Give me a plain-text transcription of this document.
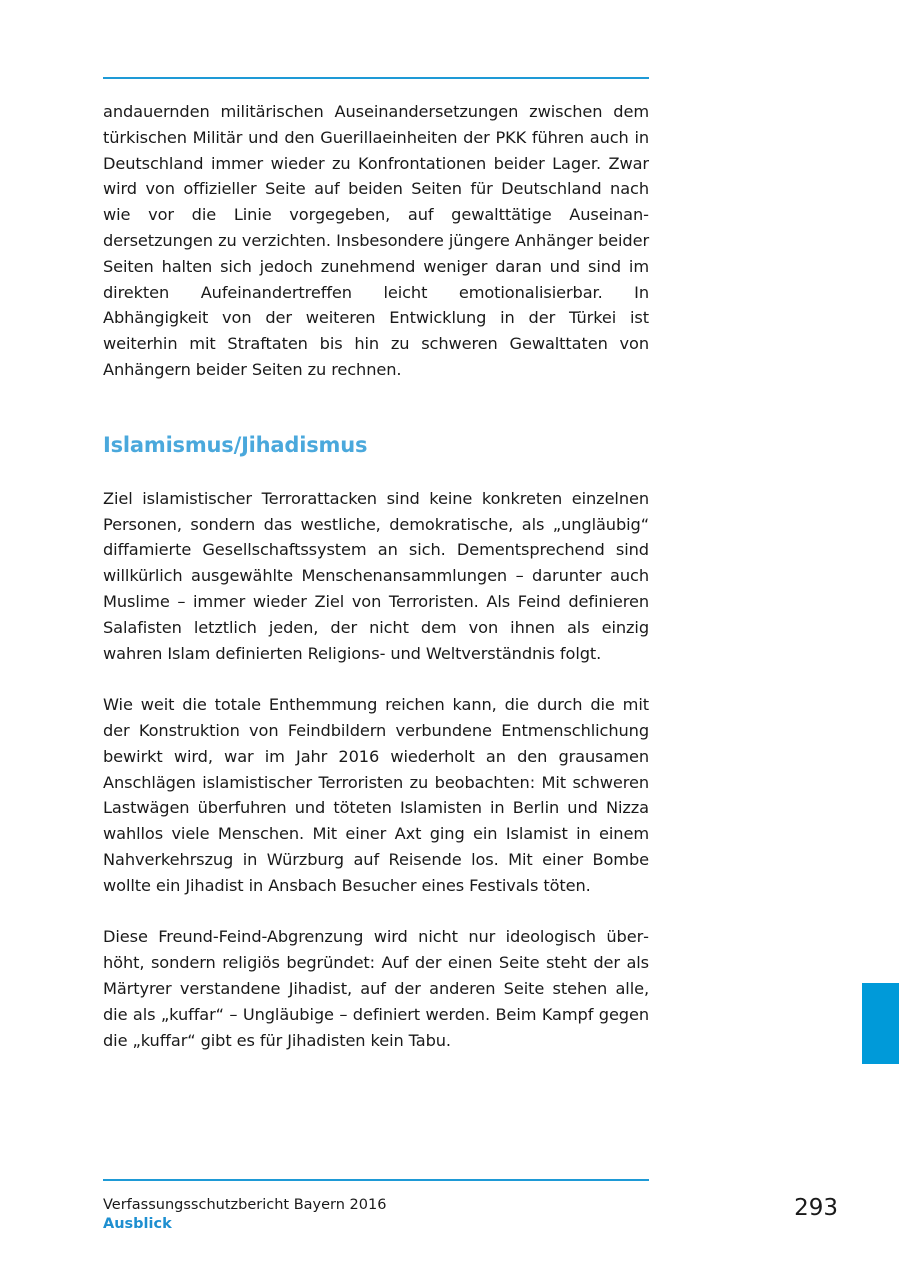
andauernden militärischen Auseinandersetzungen zwischen dem türkischen Militär und den Guerillaeinheiten der PKK führen auch in Deutschland immer wieder zu Konfrontationen beider Lager. Zwar wird von offizieller Seite auf beiden Seiten für Deutschland nach wie vor die Linie vorgegeben, auf gewalttätige Auseinandersetzungen zu verzichten. Insbesondere jüngere Anhänger beider Seiten halten sich jedoch zunehmend weniger daran und sind im direkten Aufeinandertreffen leicht emotionalisierbar. In Abhängigkeit von der weiteren Entwicklung in der Türkei ist weiterhin mit Straftaten bis hin zu schweren Gewalttaten von Anhängern beider Seiten zu rechnen.

Islamismus/Jihadismus

Ziel islamistischer Terrorattacken sind keine konkreten einzelnen Personen, sondern das westliche, demokratische, als „ungläubig“ diffamierte Gesellschaftssystem an sich. Dementsprechend sind willkürlich ausgewählte Menschenansammlungen – darunter auch Muslime – immer wieder Ziel von Terroristen. Als Feind definieren Salafisten letztlich jeden, der nicht dem von ihnen als einzig wahren Islam definierten Religions- und Weltverständnis folgt.

Wie weit die totale Enthemmung reichen kann, die durch die mit der Konstruktion von Feindbildern verbundene Entmenschlichung bewirkt wird, war im Jahr 2016 wiederholt an den grausamen Anschlägen islamistischer Terroristen zu beobachten: Mit schweren Lastwägen überfuhren und töteten Islamisten in Berlin und Nizza wahllos viele Menschen. Mit einer Axt ging ein Islamist in einem Nahverkehrszug in Würzburg auf Reisende los. Mit einer Bombe wollte ein Jihadist in Ansbach Besucher eines Festivals töten.

Diese Freund-Feind-Abgrenzung wird nicht nur ideologisch überhöht, sondern religiös begründet: Auf der einen Seite steht der als Märtyrer verstandene Jihadist, auf der anderen Seite stehen alle, die als „kuffar“ – Ungläubige – definiert werden. Beim Kampf gegen die „kuffar“ gibt es für Jihadisten kein Tabu.

Verfassungsschutzbericht Bayern 2016
Ausblick
293
